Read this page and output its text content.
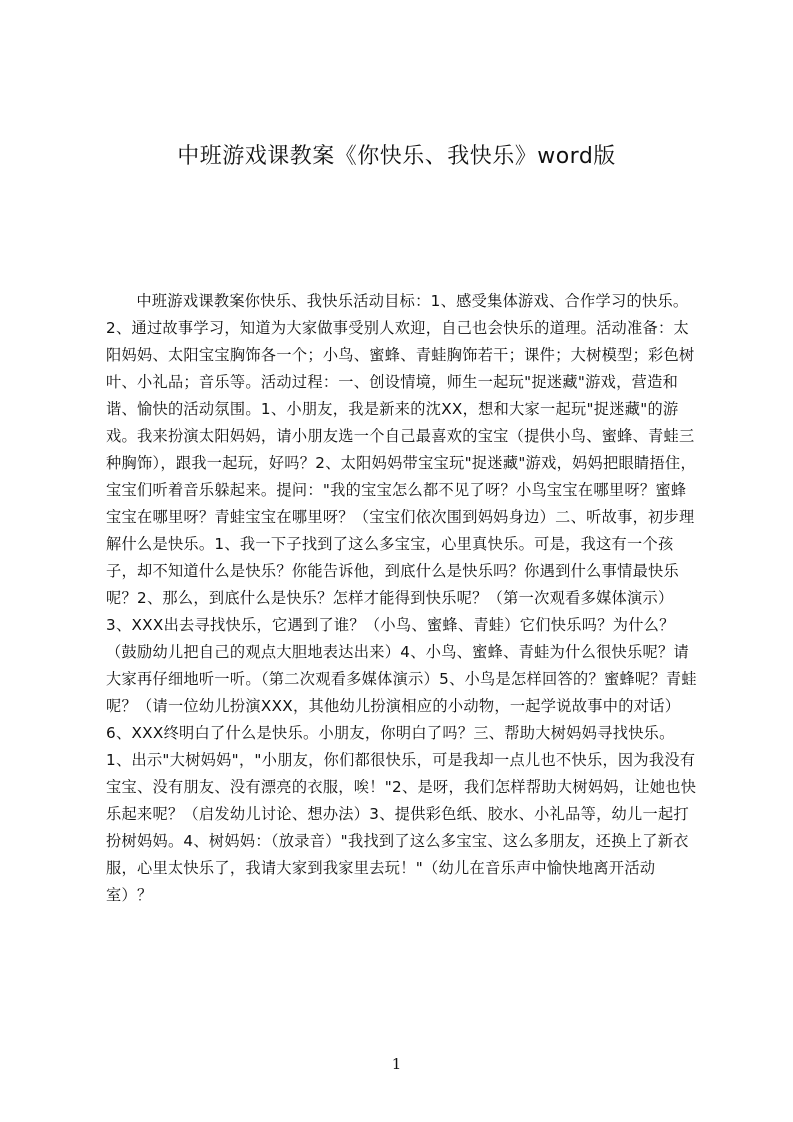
中班游戏课教案《你快乐、我快乐》word版

中班游戏课教案你快乐、我快乐活动目标：1、感受集体游戏、合作学习的快乐。2、通过故事学习，知道为大家做事受别人欢迎，自己也会快乐的道理。活动准备：太阳妈妈、太阳宝宝胸饰各一个；小鸟、蜜蜂、青蛙胸饰若干；课件；大树模型；彩色树叶、小礼品；音乐等。活动过程：一、创设情境，师生一起玩"捉迷藏"游戏，营造和谐、愉快的活动氛围。1、小朋友，我是新来的沈XX，想和大家一起玩"捉迷藏"的游戏。我来扮演太阳妈妈，请小朋友选一个自己最喜欢的宝宝（提供小鸟、蜜蜂、青蛙三种胸饰），跟我一起玩，好吗？2、太阳妈妈带宝宝玩"捉迷藏"游戏，妈妈把眼睛捂住，宝宝们听着音乐躲起来。提问："我的宝宝怎么都不见了呀？小鸟宝宝在哪里呀？蜜蜂宝宝在哪里呀？青蛙宝宝在哪里呀？（宝宝们依次围到妈妈身边）二、听故事，初步理解什么是快乐。1、我一下子找到了这么多宝宝，心里真快乐。可是，我这有一个孩子，却不知道什么是快乐？你能告诉他，到底什么是快乐吗？你遇到什么事情最快乐呢？2、那么，到底什么是快乐？怎样才能得到快乐呢？（第一次观看多媒体演示）3、XXX出去寻找快乐，它遇到了谁？（小鸟、蜜蜂、青蛙）它们快乐吗？为什么？（鼓励幼儿把自己的观点大胆地表达出来）4、小鸟、蜜蜂、青蛙为什么很快乐呢？请大家再仔细地听一听。（第二次观看多媒体演示）5、小鸟是怎样回答的？蜜蜂呢？青蛙呢？（请一位幼儿扮演XXX，其他幼儿扮演相应的小动物，一起学说故事中的对话）6、XXX终明白了什么是快乐。小朋友，你明白了吗？三、帮助大树妈妈寻找快乐。1、出示"大树妈妈"，"小朋友，你们都很快乐，可是我却一点儿也不快乐，因为我没有宝宝、没有朋友、没有漂亮的衣服，唉！"2、是呀，我们怎样帮助大树妈妈，让她也快乐起来呢？（启发幼儿讨论、想办法）3、提供彩色纸、胶水、小礼品等，幼儿一起打扮树妈妈。4、树妈妈：（放录音）"我找到了这么多宝宝、这么多朋友，还换上了新衣服，心里太快乐了，我请大家到我家里去玩！"（幼儿在音乐声中愉快地离开活动室）？

1
